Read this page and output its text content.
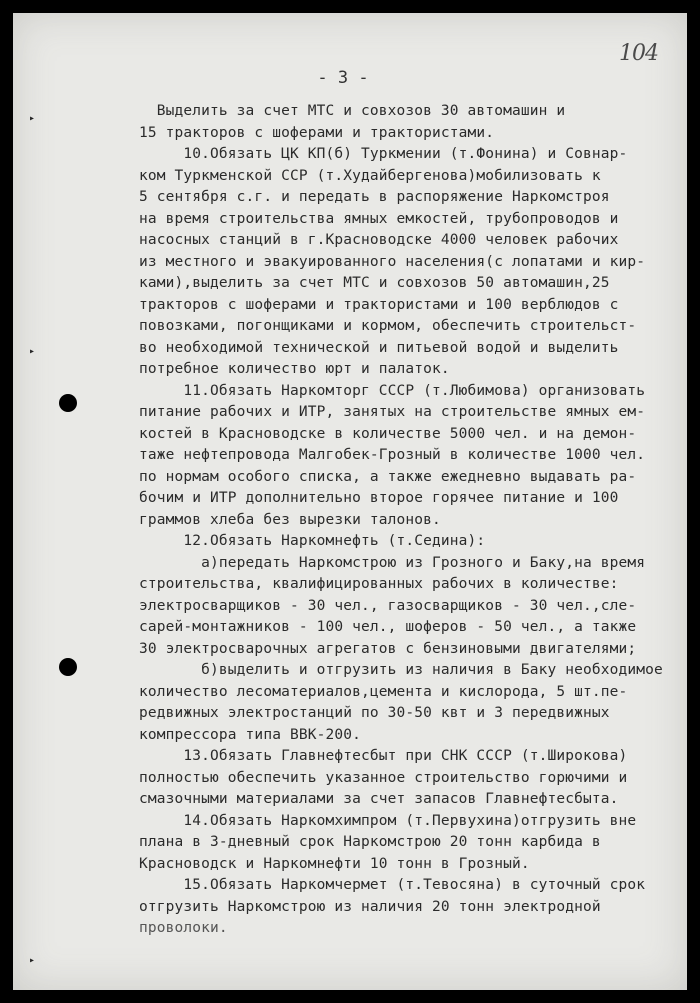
104
- 3 -
▸
▸
▸
Выделить за счет МТС и совхозов 30 автомашин и
15 тракторов с шоферами и трактористами.
10.Обязать ЦК КП(б) Туркмении (т.Фонина) и Совнар-
ком Туркменской ССР (т.Худайбергенова)мобилизовать к
5 сентября с.г. и передать в распоряжение Наркомстроя
на время строительства ямных емкостей, трубопроводов и
насосных станций в г.Красноводске 4000 человек рабочих
из местного и эвакуированного населения(с лопатами и кир-
ками),выделить за счет МТС и совхозов 50 автомашин,25
тракторов с шоферами и трактористами и 100 верблюдов с
повозками, погонщиками и кормом, обеспечить строительст-
во необходимой технической и питьевой водой и выделить
потребное количество юрт и палаток.
11.Обязать Наркомторг СССР (т.Любимова) организовать
питание рабочих и ИТР, занятых на строительстве ямных ем-
костей в Красноводске в количестве 5000 чел. и на демон-
таже нефтепровода Малгобек-Грозный в количестве 1000 чел.
по нормам особого списка, а также ежедневно выдавать ра-
бочим и ИТР дополнительно второе горячее питание и 100
граммов хлеба без вырезки талонов.
12.Обязать Наркомнефть (т.Седина):
а)передать Наркомстрою из Грозного и Баку,на время
строительства, квалифицированных рабочих в количестве:
электросварщиков - 30 чел., газосварщиков - 30 чел.,сле-
сарей-монтажников - 100 чел., шоферов - 50 чел., а также
30 электросварочных агрегатов с бензиновыми двигателями;
б)выделить и отгрузить из наличия в Баку необходимое
количество лесоматериалов,цемента и кислорода, 5 шт.пе-
редвижных электростанций по 30-50 квт и 3 передвижных
компрессора типа ВВК-200.
13.Обязать Главнефтесбыт при СНК СССР (т.Широкова)
полностью обеспечить указанное строительство горючими и
смазочными материалами за счет запасов Главнефтесбыта.
14.Обязать Наркомхимпром (т.Первухина)отгрузить вне
плана в 3-дневный срок Наркомстрою 20 тонн карбида в
Красноводск и Наркомнефти 10 тонн в Грозный.
15.Обязать Наркомчермет (т.Тевосяна) в суточный срок
отгрузить Наркомстрою из наличия 20 тонн электродной
проволоки.
